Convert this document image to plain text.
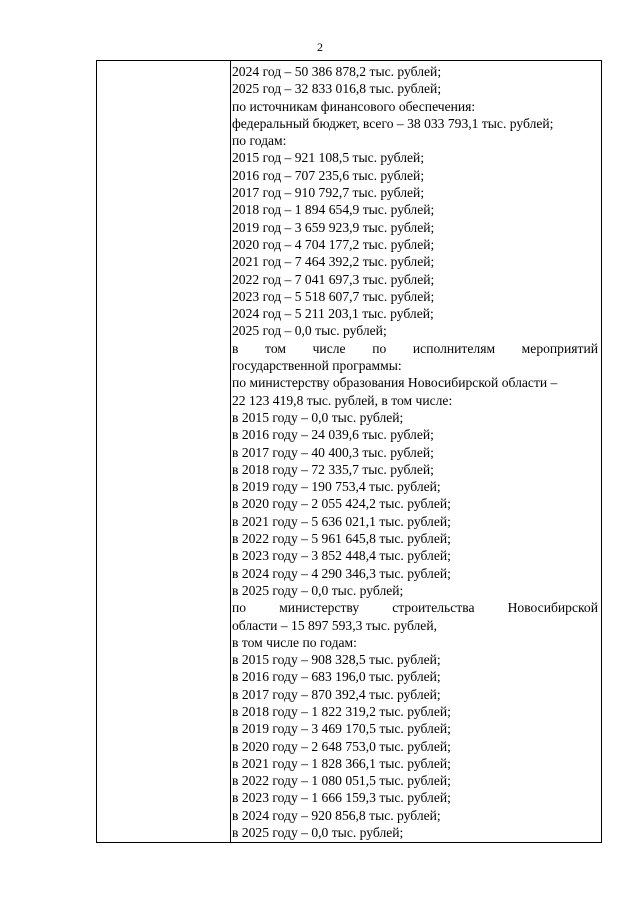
2
2024 год – 50 386 878,2 тыс. рублей;
2025 год – 32 833 016,8 тыс. рублей;
по источникам финансового обеспечения:
федеральный бюджет, всего – 38 033 793,1 тыс. рублей;
по годам:
2015 год – 921 108,5 тыс. рублей;
2016 год – 707 235,6 тыс. рублей;
2017 год – 910 792,7 тыс. рублей;
2018 год – 1 894 654,9 тыс. рублей;
2019 год – 3 659 923,9 тыс. рублей;
2020 год – 4 704 177,2 тыс. рублей;
2021 год – 7 464 392,2 тыс. рублей;
2022 год – 7 041 697,3 тыс. рублей;
2023 год – 5 518 607,7 тыс. рублей;
2024 год – 5 211 203,1 тыс. рублей;
2025 год – 0,0 тыс. рублей;
в том числе по исполнителям мероприятий
государственной программы:
по министерству образования Новосибирской области –
22 123 419,8 тыс. рублей, в том числе:
в 2015 году – 0,0 тыс. рублей;
в 2016 году – 24 039,6 тыс. рублей;
в 2017 году – 40 400,3 тыс. рублей;
в 2018 году – 72 335,7 тыс. рублей;
в 2019 году – 190 753,4 тыс. рублей;
в 2020 году – 2 055 424,2 тыс. рублей;
в 2021 году – 5 636 021,1 тыс. рублей;
в 2022 году – 5 961 645,8 тыс. рублей;
в 2023 году – 3 852 448,4 тыс. рублей;
в 2024 году – 4 290 346,3 тыс. рублей;
в 2025 году – 0,0 тыс. рублей;
по министерству строительства Новосибирской
области – 15 897 593,3 тыс. рублей,
в том числе по годам:
в 2015 году – 908 328,5 тыс. рублей;
в 2016 году – 683 196,0 тыс. рублей;
в 2017 году – 870 392,4 тыс. рублей;
в 2018 году – 1 822 319,2 тыс. рублей;
в 2019 году – 3 469 170,5 тыс. рублей;
в 2020 году – 2 648 753,0 тыс. рублей;
в 2021 году – 1 828 366,1 тыс. рублей;
в 2022 году – 1 080 051,5 тыс. рублей;
в 2023 году – 1 666 159,3 тыс. рублей;
в 2024 году – 920 856,8 тыс. рублей;
в 2025 году – 0,0 тыс. рублей;
